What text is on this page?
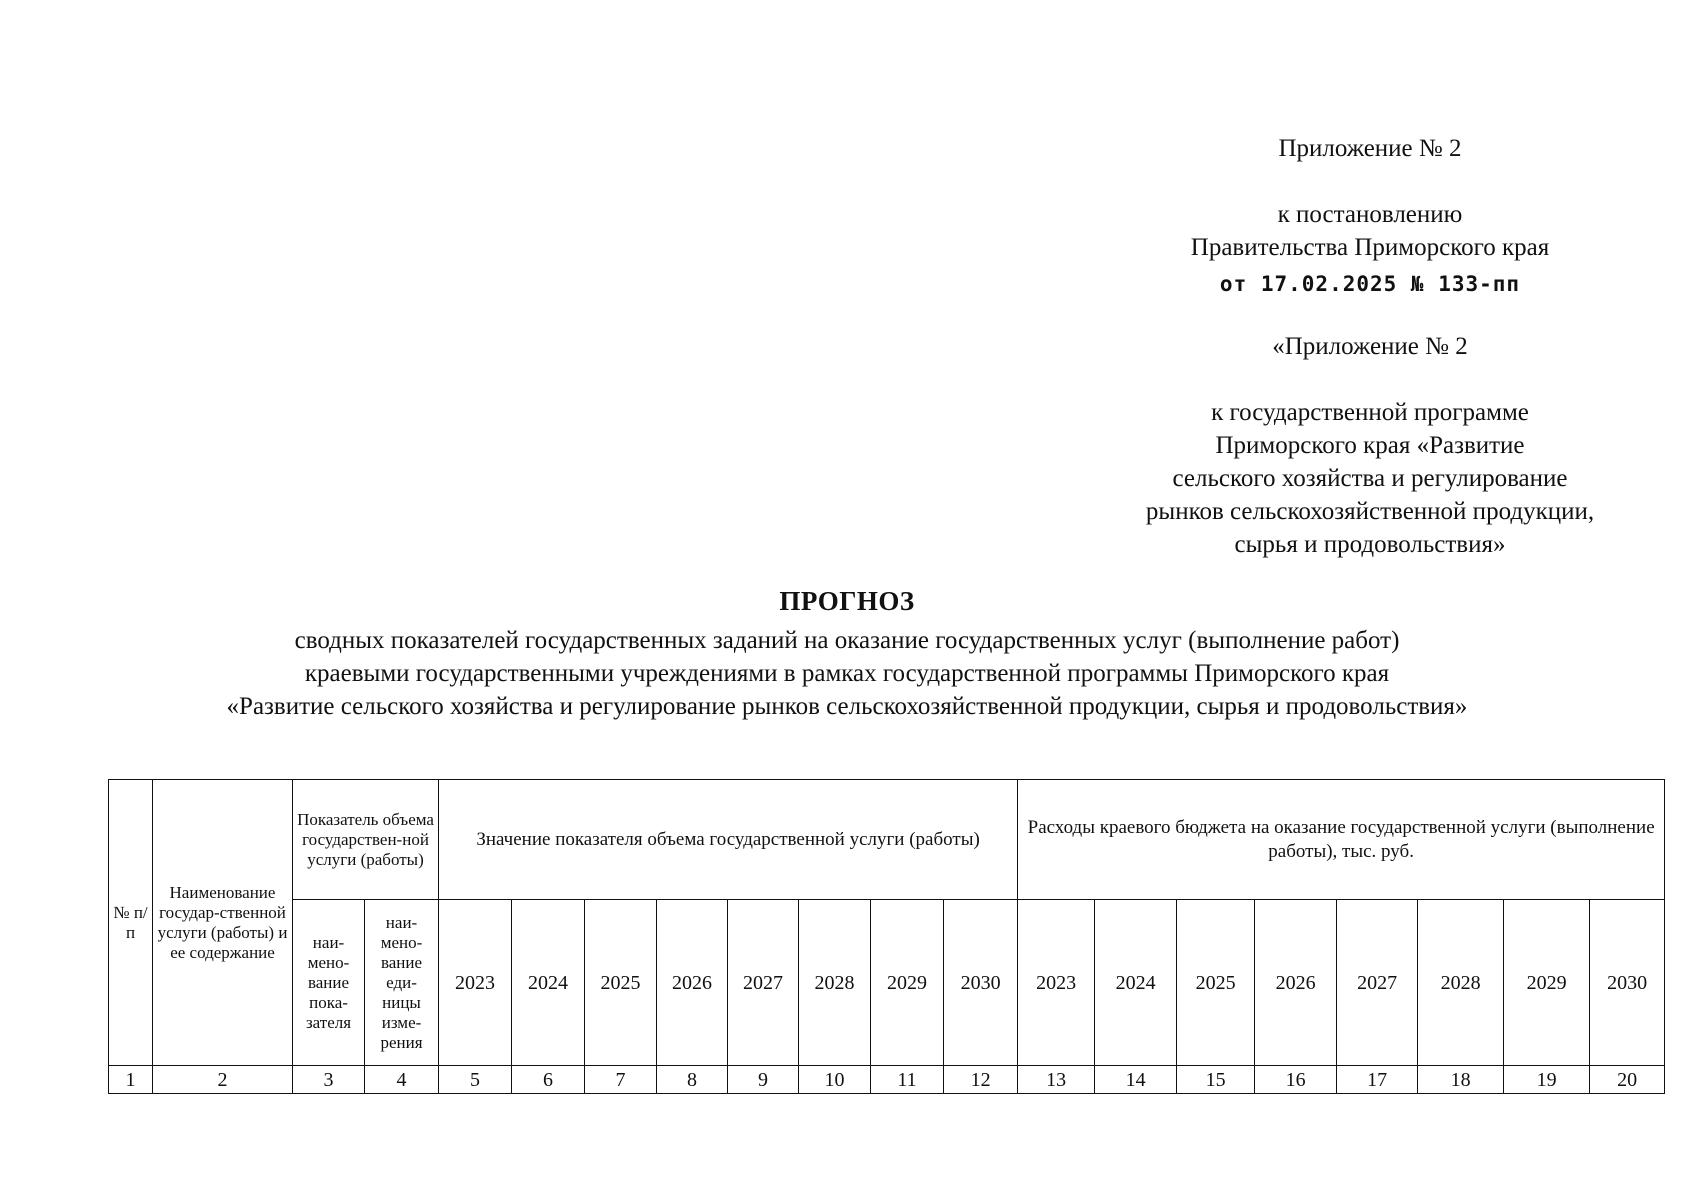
Приложение № 2
к постановлению
Правительства Приморского края
от 17.02.2025 № 133-пп
«Приложение № 2
к государственной программе
Приморского края «Развитие
сельского хозяйства и регулирование
рынков сельскохозяйственной продукции,
сырья и продовольствия»
ПРОГНОЗ
сводных показателей государственных заданий на оказание государственных услуг (выполнение работ)
краевыми государственными учреждениями в рамках государственной программы Приморского края
«Развитие сельского хозяйства и регулирование рынков сельскохозяйственной продукции, сырья и продовольствия»
№ п/п	Наименование государ-ственной услуги (работы) и ее содержание	Показатель объема государствен-ной услуги (работы)		Значение показателя объема государственной услуги (работы)								Расходы краевого бюджета на оказание государственной услуги (выполнение работы), тыс. руб.							
		наи-мено-вание пока-зателя	наи-мено-вание еди-ницы изме-рения	2023	2024	2025	2026	2027	2028	2029	2030	2023	2024	2025	2026	2027	2028	2029	2030
1	2	3	4	5	6	7	8	9	10	11	12	13	14	15	16	17	18	19	20
